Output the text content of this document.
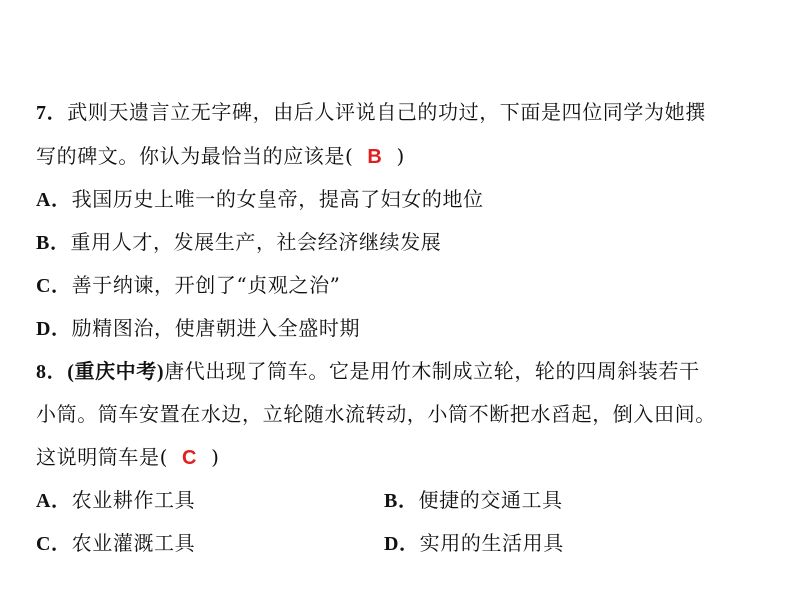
7．武则天遗言立无字碑，由后人评说自己的功过，下面是四位同学为她撰
写的碑文。你认为最恰当的应该是( B )
A．我国历史上唯一的女皇帝，提高了妇女的地位
B．重用人才，发展生产，社会经济继续发展
C．善于纳谏，开创了“贞观之治”
D．励精图治，使唐朝进入全盛时期
8．(重庆中考)唐代出现了筒车。它是用竹木制成立轮，轮的四周斜装若干
小筒。筒车安置在水边，立轮随水流转动，小筒不断把水舀起，倒入田间。
这说明筒车是( C )
A．农业耕作工具	B．便捷的交通工具
C．农业灌溉工具	D．实用的生活用具
